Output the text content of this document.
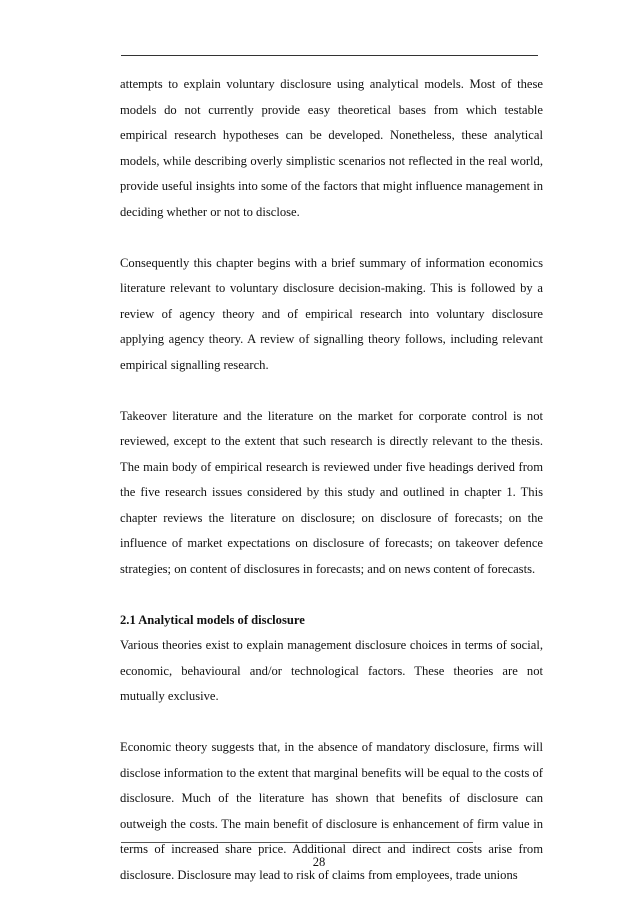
attempts to explain voluntary disclosure using analytical models. Most of these models do not currently provide easy theoretical bases from which testable empirical research hypotheses can be developed. Nonetheless, these analytical models, while describing overly simplistic scenarios not reflected in the real world, provide useful insights into some of the factors that might influence management in deciding whether or not to disclose.

Consequently this chapter begins with a brief summary of information economics literature relevant to voluntary disclosure decision-making. This is followed by a review of agency theory and of empirical research into voluntary disclosure applying agency theory. A review of signalling theory follows, including relevant empirical signalling research.

Takeover literature and the literature on the market for corporate control is not reviewed, except to the extent that such research is directly relevant to the thesis. The main body of empirical research is reviewed under five headings derived from the five research issues considered by this study and outlined in chapter 1. This chapter reviews the literature on disclosure; on disclosure of forecasts; on the influence of market expectations on disclosure of forecasts; on takeover defence strategies; on content of disclosures in forecasts; and on news content of forecasts.

2.1 Analytical models of disclosure

Various theories exist to explain management disclosure choices in terms of social, economic, behavioural and/or technological factors. These theories are not mutually exclusive.

Economic theory suggests that, in the absence of mandatory disclosure, firms will disclose information to the extent that marginal benefits will be equal to the costs of disclosure. Much of the literature has shown that benefits of disclosure can outweigh the costs. The main benefit of disclosure is enhancement of firm value in terms of increased share price. Additional direct and indirect costs arise from disclosure. Disclosure may lead to risk of claims from employees, trade unions

28
